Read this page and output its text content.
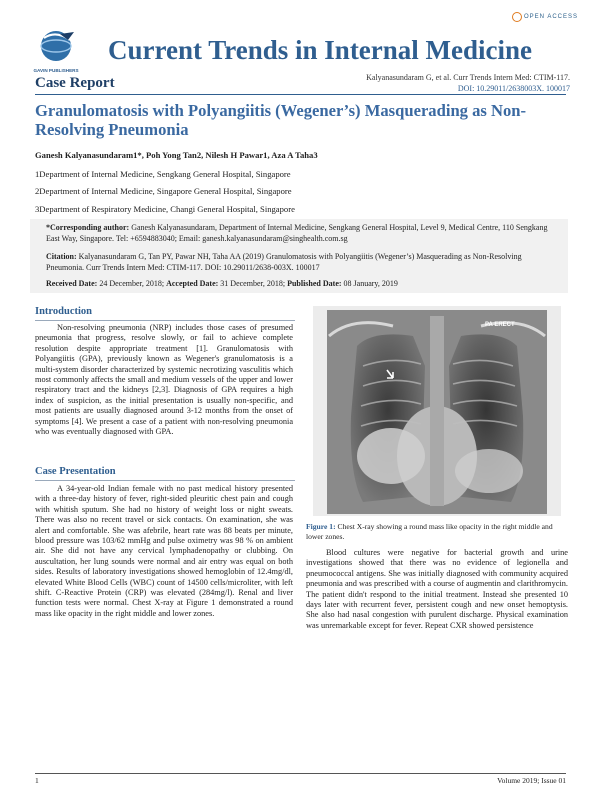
GAVIN PUBLISHERS
OPEN ACCESS
Current Trends in Internal Medicine
Case Report	Kalyanasundaram G, et al. Curr Trends Intern Med: CTIM-117.
DOI: 10.29011/2638003X. 100017
Granulomatosis with Polyangiitis (Wegener’s) Masquerading as Non-Resolving Pneumonia
Ganesh Kalyanasundaram1*, Poh Yong Tan2, Nilesh H Pawar1, Aza A Taha3
1Department of Internal Medicine, Sengkang General Hospital, Singapore
2Department of Internal Medicine, Singapore General Hospital, Singapore
3Department of Respiratory Medicine, Changi General Hospital, Singapore
*Corresponding author: Ganesh Kalyanasundaram, Department of Internal Medicine, Sengkang General Hospital, Level 9, Medical Centre, 110 Sengkang East Way, Singapore. Tel: +6594883040; Email: ganesh.kalyanasundaram@singhealth.com.sg
Citation: Kalyanasundaram G, Tan PY, Pawar NH, Taha AA (2019) Granulomatosis with Polyangiitis (Wegener’s) Masquerading as Non-Resolving Pneumonia. Curr Trends Intern Med: CTIM-117. DOI: 10.29011/2638-003X. 100017
Received Date: 24 December, 2018; Accepted Date: 31 December, 2018; Published Date: 08 January, 2019
Introduction
Non-resolving pneumonia (NRP) includes those cases of presumed pneumonia that progress, resolve slowly, or fail to achieve complete resolution despite appropriate treatment [1]. Granulomatosis with Polyangiitis (GPA), previously known as Wegener's granulomatosis is a multi-system disorder characterized by systemic necrotizing vasculitis which most commonly affects the small and medium vessels of the upper and lower respiratory tract and the kidneys [2,3]. Diagnosis of GPA requires a high index of suspicion, as the initial presentation is usually non-specific, and most patients are usually diagnosed around 3-12 months from the onset of symptoms [4]. We present a case of a patient with non-resolving pneumonia who was eventually diagnosed with GPA.
Case Presentation
A 34-year-old Indian female with no past medical history presented with a three-day history of fever, right-sided pleuritic chest pain and cough with whitish sputum. She had no history of weight loss or night sweats. There was also no recent travel or sick contacts. On examination, she was alert and comfortable. She was afebrile, heart rate was 88 beats per minute, blood pressure was 103/62 mmHg and pulse oximetry was 98 % on ambient air. She did not have any cervical lymphadenopathy or clubbing. On auscultation, her lung sounds were normal and air entry was equal on both sides. Results of laboratory investigations showed hemoglobin of 12.4mg/dl, elevated White Blood Cells (WBC) count of 14500 cells/microliter, with left shift. C-Reactive Protein (CRP) was elevated (284mg/l). Renal and liver function tests were normal. Chest X-ray at Figure 1 demonstrated a round mass like opacity in the right middle and lower zones.
PA ERECT
Figure 1: Chest X-ray showing a round mass like opacity in the right middle and lower zones.
Blood cultures were negative for bacterial growth and urine investigations showed that there was no evidence of legionella and pneumococcal antigens. She was initially diagnosed with community acquired pneumonia and was prescribed with a course of augmentin and clarithromycin. The patient didn't respond to the initial treatment. Instead she presented 10 days later with recurrent fever, persistent cough and new onset hemoptysis. She also had nasal congestion with purulent discharge. Physical examination was unremarkable except for fever. Repeat CXR showed persistence
1	Volume 2019; Issue 01
